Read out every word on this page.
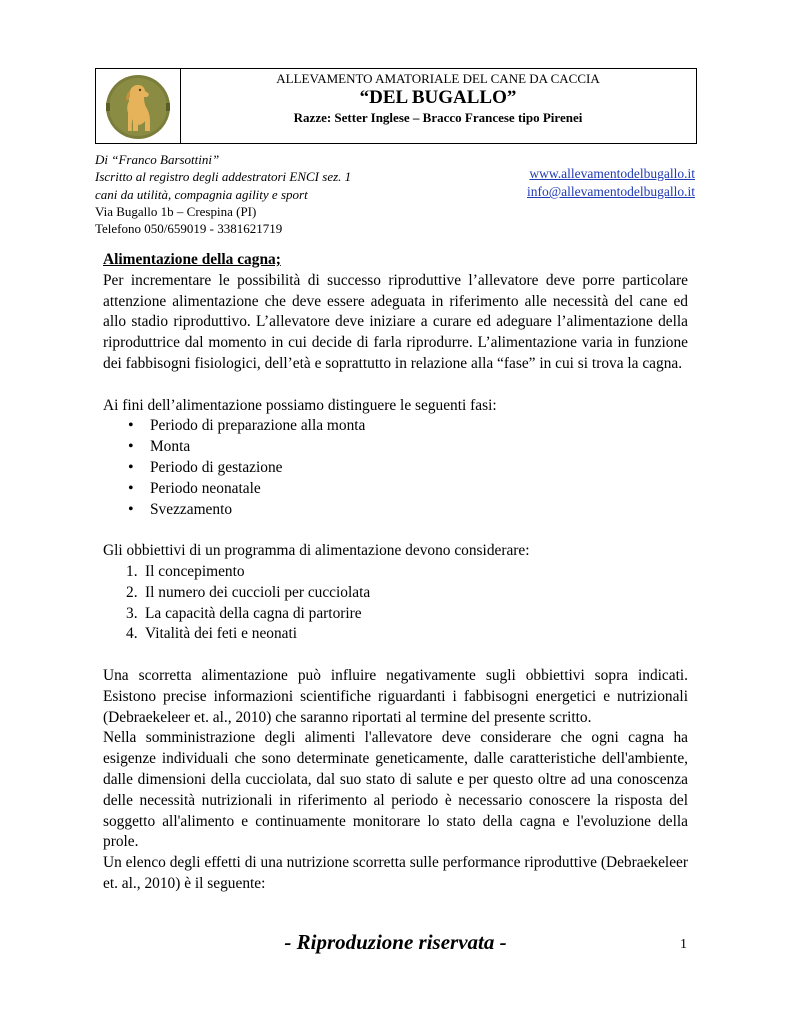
ALLEVAMENTO AMATORIALE DEL CANE DA CACCIA
“DEL BUGALLO”
Razze: Setter Inglese – Bracco Francese tipo Pirenei
Di “Franco Barsottini”
Iscritto al registro degli addestratori ENCI sez. 1
cani da utilità, compagnia agility e sport
Via Bugallo 1b – Crespina (PI)
Telefono 050/659019 - 3381621719
www.allevamentodelbugallo.it
info@allevamentodelbugallo.it
Alimentazione della cagna;

Per incrementare le possibilità di successo riproduttive l’allevatore deve porre particolare attenzione alimentazione che deve essere adeguata in riferimento alle necessità del cane ed allo stadio riproduttivo. L’allevatore deve iniziare a curare ed adeguare l’alimentazione della riproduttrice dal momento in cui decide di farla riprodurre. L’alimentazione varia in funzione dei fabbisogni fisiologici, dell’età e soprattutto in relazione alla “fase” in cui si trova la cagna.

Ai fini dell’alimentazione possiamo distinguere le seguenti fasi:

• Periodo di preparazione alla monta
• Monta
• Periodo di gestazione
• Periodo neonatale
• Svezzamento

Gli obbiettivi di un programma di alimentazione devono considerare:

1. Il concepimento
2. Il numero dei cuccioli per cucciolata
3. La capacità della cagna di partorire
4. Vitalità dei feti e neonati

Una scorretta alimentazione può influire negativamente sugli obbiettivi sopra indicati. Esistono precise informazioni scientifiche riguardanti i fabbisogni energetici e nutrizionali (Debraekeleer et. al., 2010) che saranno riportati al termine del presente scritto.

Nella somministrazione degli alimenti l'allevatore deve considerare che ogni cagna ha esigenze individuali che sono determinate geneticamente, dalle caratteristiche dell'ambiente, dalle dimensioni della cucciolata, dal suo stato di salute e per questo oltre ad una conoscenza delle necessità nutrizionali in riferimento al periodo è necessario conoscere la risposta del soggetto all'alimento e continuamente monitorare lo stato della cagna e l'evoluzione della prole.

Un elenco degli effetti di una nutrizione scorretta sulle performance riproduttive (Debraekeleer et. al., 2010) è il seguente:

- Riproduzione riservata -	1
